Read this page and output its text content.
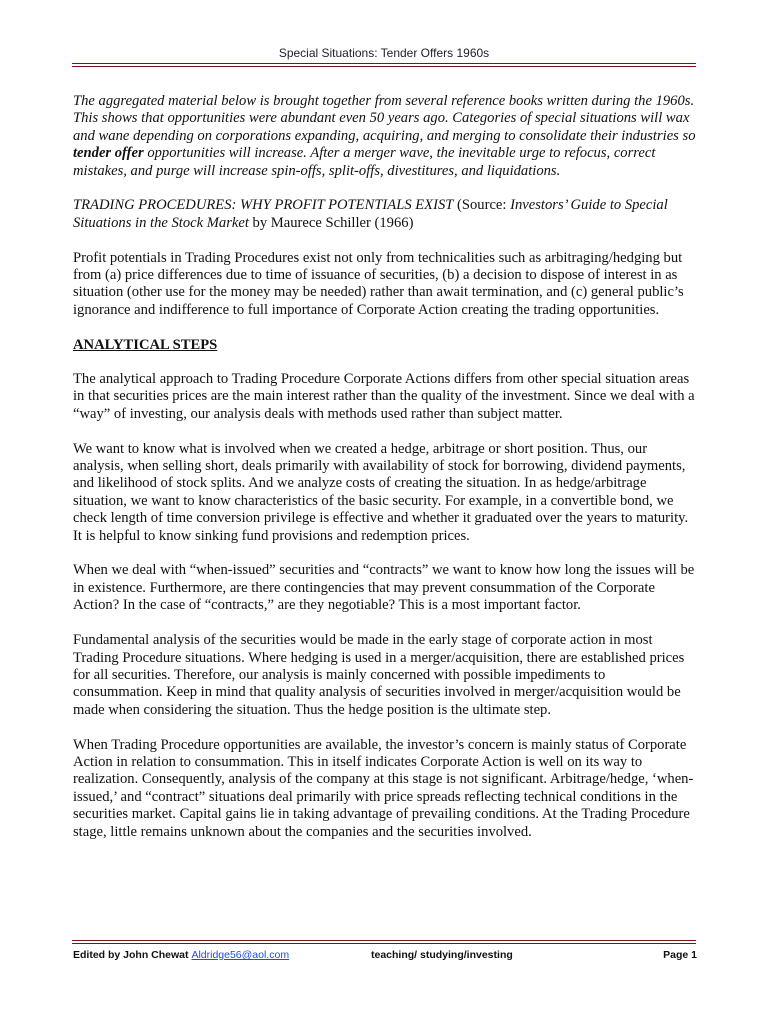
Special Situations: Tender Offers 1960s

The aggregated material below is brought together from several reference books written during the 1960s. This shows that opportunities were abundant even 50 years ago. Categories of special situations will wax and wane depending on corporations expanding, acquiring, and merging to consolidate their industries so tender offer opportunities will increase. After a merger wave, the inevitable urge to refocus, correct mistakes, and purge will increase spin-offs, split-offs, divestitures, and liquidations.

TRADING PROCEDURES: WHY PROFIT POTENTIALS EXIST (Source: Investors’ Guide to Special Situations in the Stock Market by Maurece Schiller (1966)

Profit potentials in Trading Procedures exist not only from technicalities such as arbitraging/hedging but from (a) price differences due to time of issuance of securities, (b) a decision to dispose of interest in as situation (other use for the money may be needed) rather than await termination, and (c) general public’s ignorance and indifference to full importance of Corporate Action creating the trading opportunities.

ANALYTICAL STEPS

The analytical approach to Trading Procedure Corporate Actions differs from other special situation areas in that securities prices are the main interest rather than the quality of the investment. Since we deal with a “way” of investing, our analysis deals with methods used rather than subject matter.

We want to know what is involved when we created a hedge, arbitrage or short position. Thus, our analysis, when selling short, deals primarily with availability of stock for borrowing, dividend payments, and likelihood of stock splits. And we analyze costs of creating the situation. In as hedge/arbitrage situation, we want to know characteristics of the basic security. For example, in a convertible bond, we check length of time conversion privilege is effective and whether it graduated over the years to maturity. It is helpful to know sinking fund provisions and redemption prices.

When we deal with “when-issued” securities and “contracts” we want to know how long the issues will be in existence. Furthermore, are there contingencies that may prevent consummation of the Corporate Action? In the case of “contracts,” are they negotiable? This is a most important factor.

Fundamental analysis of the securities would be made in the early stage of corporate action in most Trading Procedure situations. Where hedging is used in a merger/acquisition, there are established prices for all securities. Therefore, our analysis is mainly concerned with possible impediments to consummation. Keep in mind that quality analysis of securities involved in merger/acquisition would be made when considering the situation. Thus the hedge position is the ultimate step.

When Trading Procedure opportunities are available, the investor’s concern is mainly status of Corporate Action in relation to consummation. This in itself indicates Corporate Action is well on its way to realization. Consequently, analysis of the company at this stage is not significant. Arbitrage/hedge, ‘when-issued,’ and “contract” situations deal primarily with price spreads reflecting technical conditions in the securities market. Capital gains lie in taking advantage of prevailing conditions. At the Trading Procedure stage, little remains unknown about the companies and the securities involved.

Edited by John Chewat Aldridge56@aol.com	teaching/ studying/investing	Page 1
